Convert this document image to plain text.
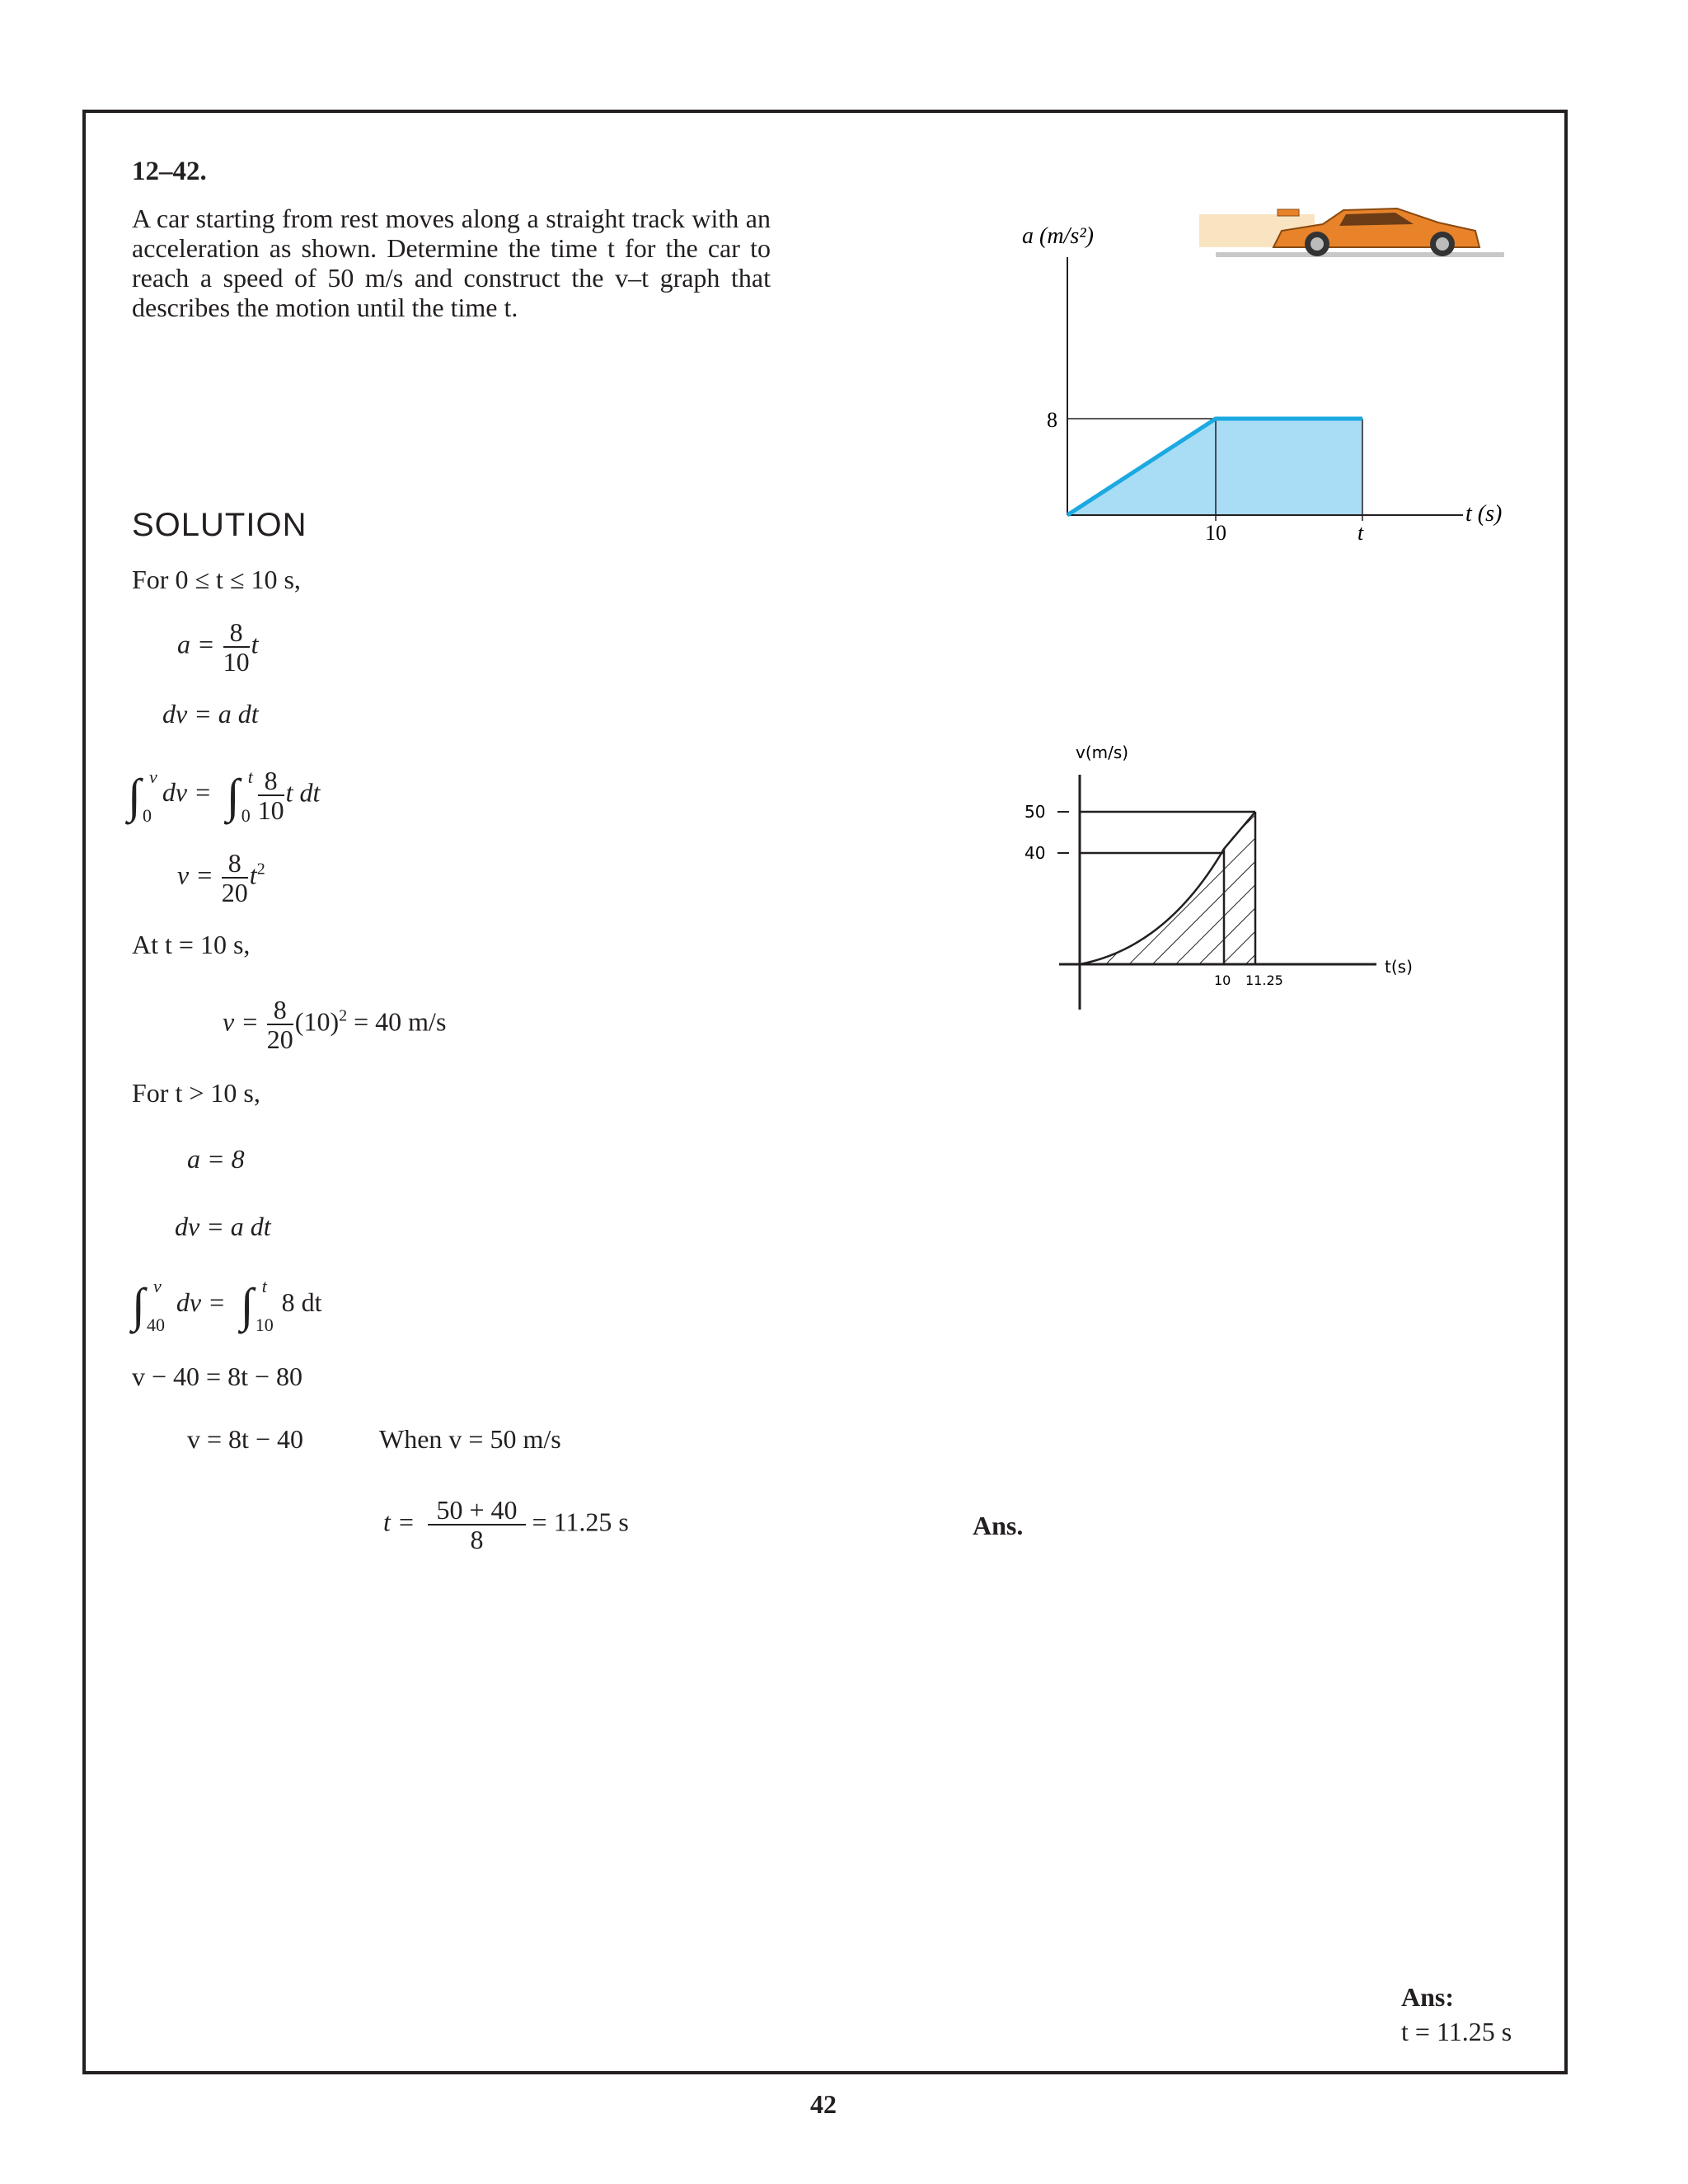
12–42.
A car starting from rest moves along a straight track with an acceleration as shown. Determine the time t for the car to reach a speed of 50 m/s and construct the v–t graph that describes the motion until the time t.
SOLUTION
For 0 ≤ t ≤ 10 s,
$a = \frac{8}{10}$ t
dv = a dt
∫ v
0
dv = ∫ t
0
$\frac{8}{10}$ t dt
$v = \frac{8}{20} t^2$
At t = 10 s,
$v = \frac{8}{20} (10)^2 = 40$ m/s
For t > 10 s,
a = 8
dv = a dt
∫ v
40
dv = ∫ t
10
8 dt
v − 40 = 8t − 80
v = 8t − 40	When v = 50 m/s
$t = \frac{50 + 40}{8} = 11.25$ s	Ans.
Ans:
t = 11.25 s
42
a (m/s²)
8
10	t
t (s)
v(m/s)
50
40
10 11.25
t(s)
